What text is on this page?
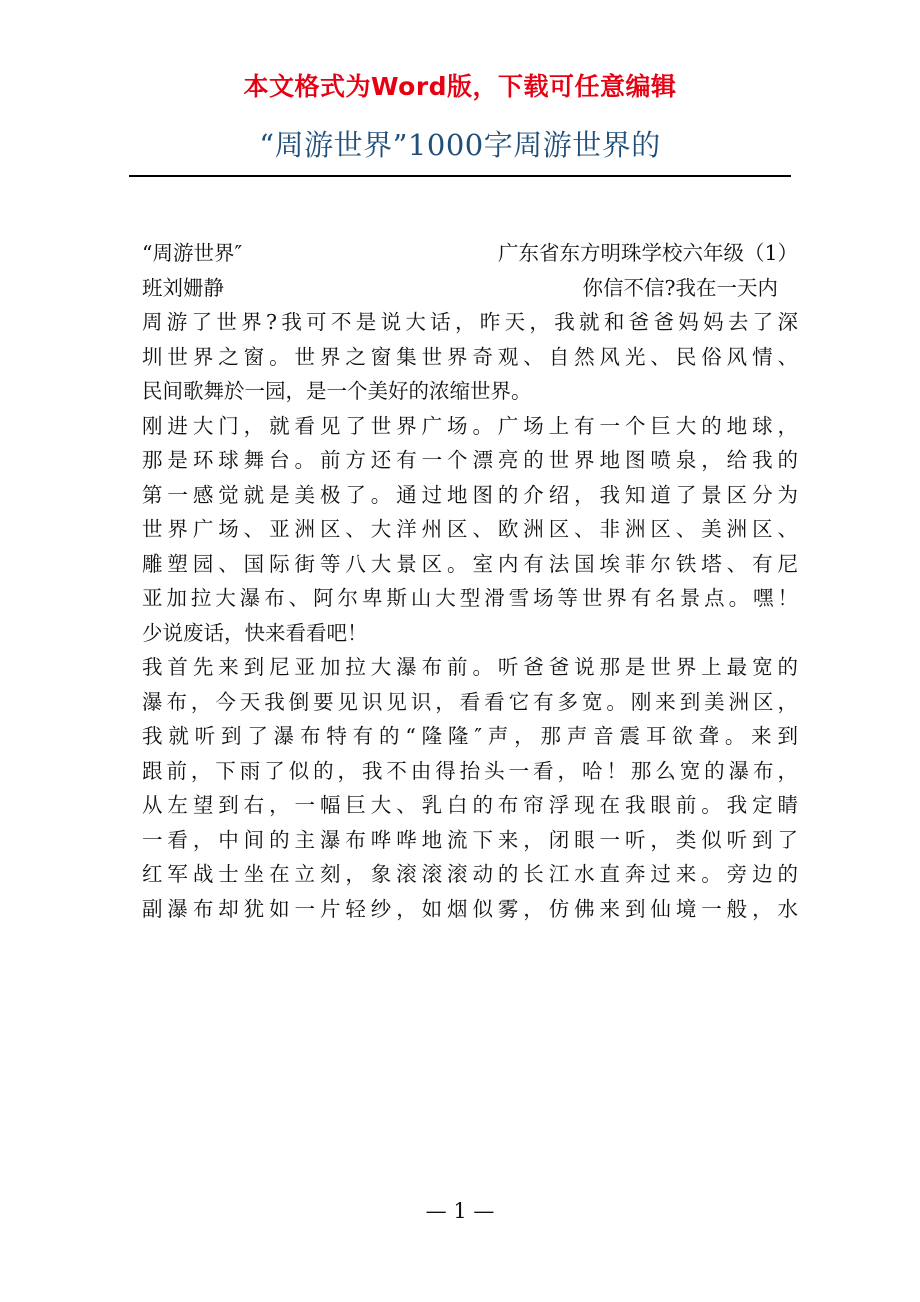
本文格式为Word版，下载可任意编辑
“周游世界”1000字周游世界的
“周游世界″	广东省东方明珠学校六年级（1）
班刘姗静	你信不信?我在一天内
周游了世界?我可不是说大话，昨天，我就和爸爸妈妈去了深
圳世界之窗。世界之窗集世界奇观、自然风光、民俗风情、
民间歌舞於一园，是一个美好的浓缩世界。
刚进大门，就看见了世界广场。广场上有一个巨大的地球，
那是环球舞台。前方还有一个漂亮的世界地图喷泉，给我的
第一感觉就是美极了。通过地图的介绍，我知道了景区分为
世界广场、亚洲区、大洋州区、欧洲区、非洲区、美洲区、
雕塑园、国际街等八大景区。室内有法国埃菲尔铁塔、有尼
亚加拉大瀑布、阿尔卑斯山大型滑雪场等世界有名景点。嘿！
少说废话，快来看看吧！
我首先来到尼亚加拉大瀑布前。听爸爸说那是世界上最宽的
瀑布，今天我倒要见识见识，看看它有多宽。刚来到美洲区，
我就听到了瀑布特有的“隆隆″声，那声音震耳欲聋。来到
跟前，下雨了似的，我不由得抬头一看，哈！那么宽的瀑布，
从左望到右，一幅巨大、乳白的布帘浮现在我眼前。我定睛
一看，中间的主瀑布哗哗地流下来，闭眼一听，类似听到了
红军战士坐在立刻，象滚滚滚动的长江水直奔过来。旁边的
副瀑布却犹如一片轻纱，如烟似雾，仿佛来到仙境一般，水
— 1 —
